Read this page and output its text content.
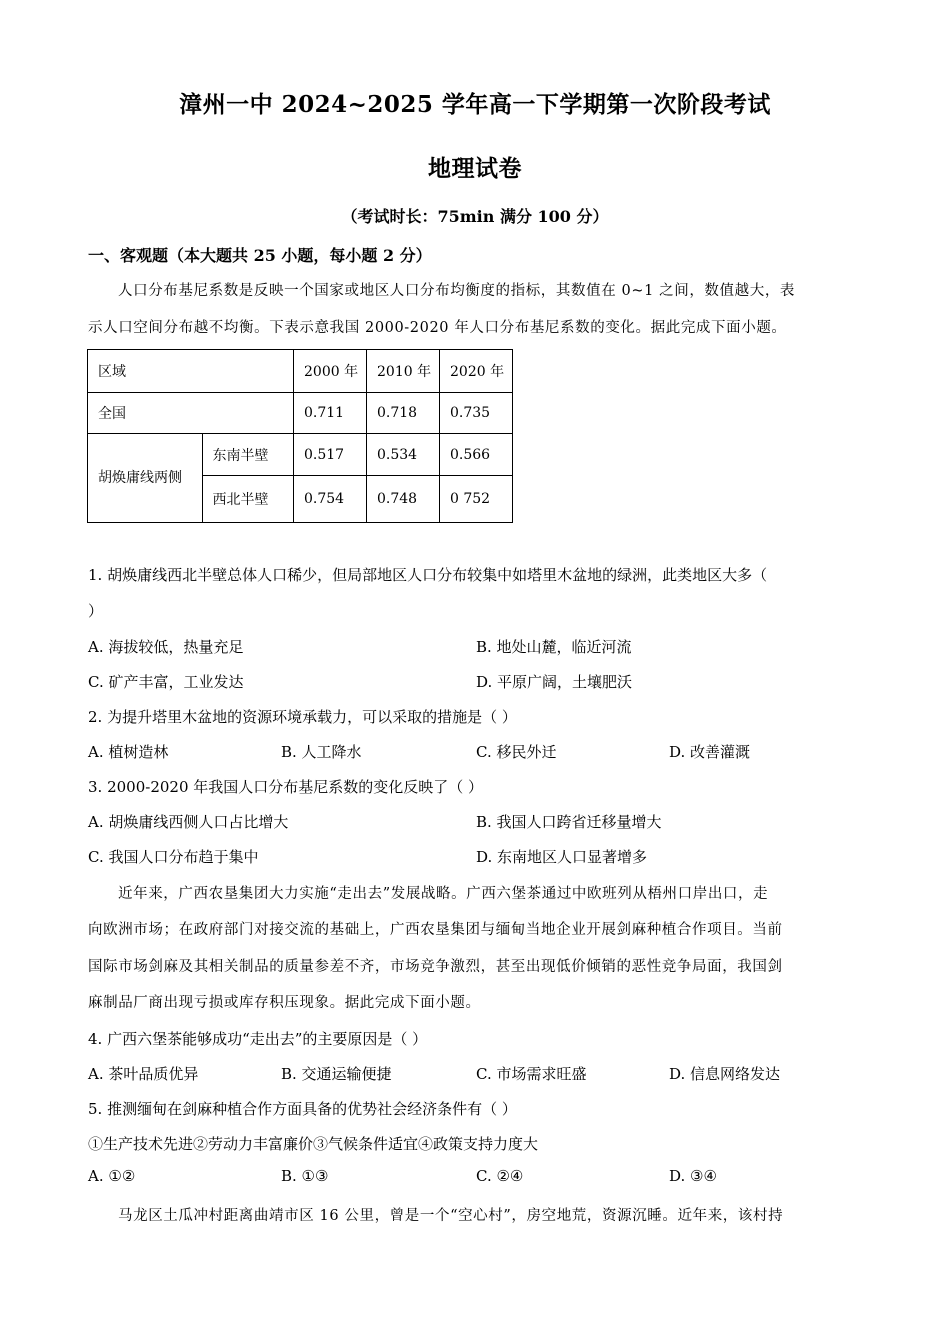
漳州一中 2024~2025 学年高一下学期第一次阶段考试
地理试卷
（考试时长：75min 满分 100 分）
一、客观题（本大题共 25 小题，每小题 2 分）
人口分布基尼系数是反映一个国家或地区人口分布均衡度的指标，其数值在 0~1 之间，数值越大，表
示人口空间分布越不均衡。下表示意我国 2000-2020 年人口分布基尼系数的变化。据此完成下面小题。
区域		2000 年	2010 年	2020 年
全国		0.711	0.718	0.735
胡焕庸线两侧	东南半壁	0.517	0.534	0.566
	西北半壁	0.754	0.748	0 752
1. 胡焕庸线西北半壁总体人口稀少，但局部地区人口分布较集中如塔里木盆地的绿洲，此类地区大多（
）
A. 海拔较低，热量充足	B. 地处山麓，临近河流
C. 矿产丰富，工业发达	D. 平原广阔，土壤肥沃
2. 为提升塔里木盆地的资源环境承载力，可以采取的措施是（ ）
A. 植树造林	B. 人工降水	C. 移民外迁	D. 改善灌溉
3. 2000-2020 年我国人口分布基尼系数的变化反映了（ ）
A. 胡焕庸线西侧人口占比增大	B. 我国人口跨省迁移量增大
C. 我国人口分布趋于集中	D. 东南地区人口显著增多
近年来，广西农垦集团大力实施“走出去”发展战略。广西六堡茶通过中欧班列从梧州口岸出口，走
向欧洲市场；在政府部门对接交流的基础上，广西农垦集团与缅甸当地企业开展剑麻种植合作项目。当前
国际市场剑麻及其相关制品的质量参差不齐，市场竞争激烈，甚至出现低价倾销的恶性竞争局面，我国剑
麻制品厂商出现亏损或库存积压现象。据此完成下面小题。
4. 广西六堡茶能够成功“走出去”的主要原因是（ ）
A. 茶叶品质优异	B. 交通运输便捷	C. 市场需求旺盛	D. 信息网络发达
5. 推测缅甸在剑麻种植合作方面具备的优势社会经济条件有（ ）
①生产技术先进②劳动力丰富廉价③气候条件适宜④政策支持力度大
A. ①②	B. ①③	C. ②④	D. ③④
马龙区土瓜冲村距离曲靖市区 16 公里，曾是一个“空心村”，房空地荒，资源沉睡。近年来，该村持
